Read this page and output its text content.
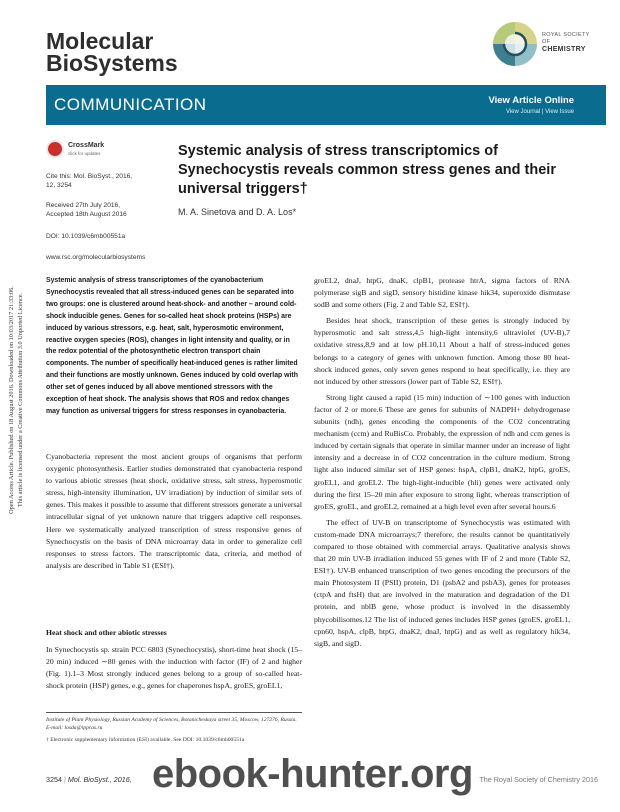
Molecular
BioSystems
ROYAL SOCIETY
OF
CHEMISTRY
COMMUNICATION	View Article Online
View Journal | View Issue
Open Access Article. Published on 18 August 2016. Downloaded on 10/03/2017 21:33:06. This article is licensed under a Creative Commons Attribution 3.0 Unported Licence.
CrossMark
click for updates
Cite this: Mol. BioSyst., 2016,
12, 3254
Received 27th July 2016,
Accepted 18th August 2016
DOI: 10.1039/c6mb00551a
www.rsc.org/molecularbiosystems
Systemic analysis of stress transcriptomics of Synechocystis reveals common stress genes and their universal triggers†
M. A. Sinetova and D. A. Los*
Systemic analysis of stress transcriptomes of the cyanobacterium Synechocystis revealed that all stress-induced genes can be separated into two groups: one is clustered around heat-shock- and another – around cold-shock inducible genes. Genes for so-called heat shock proteins (HSPs) are induced by various stressors, e.g. heat, salt, hyperosmotic environment, reactive oxygen species (ROS), changes in light intensity and quality, or in the redox potential of the photosynthetic electron transport chain components. The number of specifically heat-induced genes is rather limited and their functions are mostly unknown. Genes induced by cold overlap with other set of genes induced by all above mentioned stressors with the exception of heat shock. The analysis shows that ROS and redox changes may function as universal triggers for stress responses in cyanobacteria.

Cyanobacteria represent the most ancient groups of organisms that perform oxygenic photosynthesis. Earlier studies demonstrated that cyanobacteria respond to various abiotic stresses (heat shock, oxidative stress, salt stress, hyperosmotic stress, high-intensity illumination, UV irradiation) by induction of similar sets of genes. This makes it possible to assume that different stressors generate a universal intracellular signal of yet unknown nature that triggers adaptive cell responses. Here we systematically analyzed transcription of stress responsive genes of Synechocystis on the basis of DNA microarray data in order to generalize cell responses to stress factors. The transcriptomic data, criteria, and method of analysis are described in Table S1 (ESI†).

Heat shock and other abiotic stresses

In Synechocystis sp. strain PCC 6803 (Synechocystis), short-time heat shock (15–20 min) induced ∼80 genes with the induction with factor (IF) of 2 and higher (Fig. 1).1–3 Most strongly induced genes belong to a group of so-called heat-shock protein (HSP) genes, e.g., genes for chaperones hspA, groES, groEL1,

groEL2, dnaJ, htpG, dnaK, clpB1, protease htrA, sigma factors of RNA polymerase sigB and sigD, sensory histidine kinase hik34, superoxide dismutase sodB and some others (Fig. 2 and Table S2, ESI†).

Besides heat shock, transcription of these genes is strongly induced by hyperosmotic and salt stress,4,5 high-light intensity,6 ultraviolet (UV-B),7 oxidative stress,8,9 and at low pH.10,11 About a half of stress-induced genes belongs to a category of genes with unknown function. Among those 80 heat-shock induced genes, only seven genes respond to heat specifically, i.e. they are not induced by other stressors (lower part of Table S2, ESI†).

Strong light caused a rapid (15 min) induction of ∼100 genes with induction factor of 2 or more.6 These are genes for subunits of NADPH+ dehydrogenase subunits (ndh), genes encoding the components of the CO2 concentrating mechanism (ccm) and RuBisCo. Probably, the expression of ndh and ccm genes is induced by certain signals that operate in similar manner under an increase of light intensity and a decrease in of CO2 concentration in the culture medium. Strong light also induced similar set of HSP genes: hspA, clpB1, dnaK2, htpG, groES, groEL1, and groEL2. The high-light-inducible (hli) genes were activated only during the first 15–20 min after exposure to strong light, whereas transcription of groES, groEL, and groEL2, remained at a high level even after several hours.6

The effect of UV-B on transcriptome of Synechocystis was estimated with custom-made DNA microarrays;7 therefore, the results cannot be quantitatively compared to those obtained with commercial arrays. Qualitative analysis shows that 20 min UV-B irradiation induced 55 genes with IF of 2 and more (Table S2, ESI†). UV-B enhanced transcription of two genes encoding the precursors of the main Photosystem II (PSII) protein, D1 (psbA2 and psbA3), genes for proteases (ctpA and ftsH) that are involved in the maturation and degradation of the D1 protein, and nblB gene, whose product is involved in the disassembly phycobilisomes.12 The list of induced genes includes HSP genes (groES, groEL1, cpn60, hspA, clpB, htpG, dnaK2, dnaJ, htpG) and as well as regulatory hik34, sigB, and sigD.

Institute of Plant Physiology, Russian Academy of Sciences, Botanicheskaya street 35, Moscow, 127276, Russia. E-mail: losda@ippras.ru
† Electronic supplementary information (ESI) available. See DOI: 10.1039/c6mb00551a
3254 | Mol. BioSyst., 2016,	The Royal Society of Chemistry 2016
ebook-hunter.org
